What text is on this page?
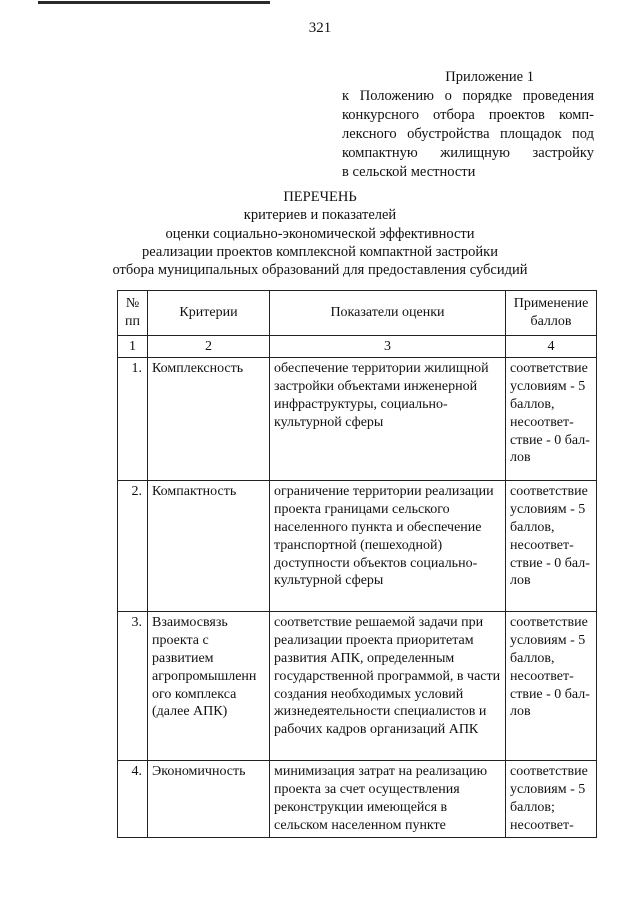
321
Приложение 1
к Положению о порядке проведения
конкурсного отбора проектов комп-
лексного обустройства площадок под
компактную жилищную застройку
в сельской местности
ПЕРЕЧЕНЬ
критериев и показателей
оценки социально-экономической эффективности
реализации проектов комплексной компактной застройки
отбора муниципальных образований для предоставления субсидий
№ пп	Критерии	Показатели оценки	Применение баллов
1	2	3	4
1.	Комплексность	обеспечение территории жилищной застройки объектами инженерной инфраструктуры, социально-культурной сферы	соответствие условиям - 5 баллов, несоответ-ствие - 0 бал-лов
2.	Компактность	ограничение территории реализации проекта границами сельского населенного пункта и обеспечение транспортной (пешеходной) доступности объектов социально-культурной сферы	соответствие условиям - 5 баллов, несоответ-ствие - 0 бал-лов
3.	Взаимосвязь проекта с развитием агропромышленн ого комплекса (далее АПК)	соответствие решаемой задачи при реализации проекта приоритетам развития АПК, определенным государственной программой, в части создания необходимых условий жизнедеятельности специалистов и рабочих кадров организаций АПК	соответствие условиям - 5 баллов, несоответ-ствие - 0 бал-лов
4.	Экономичность	минимизация затрат на реализацию проекта за счет осуществления реконструкции имеющейся в сельском населенном пункте	соответствие условиям - 5 баллов; несоответ-
